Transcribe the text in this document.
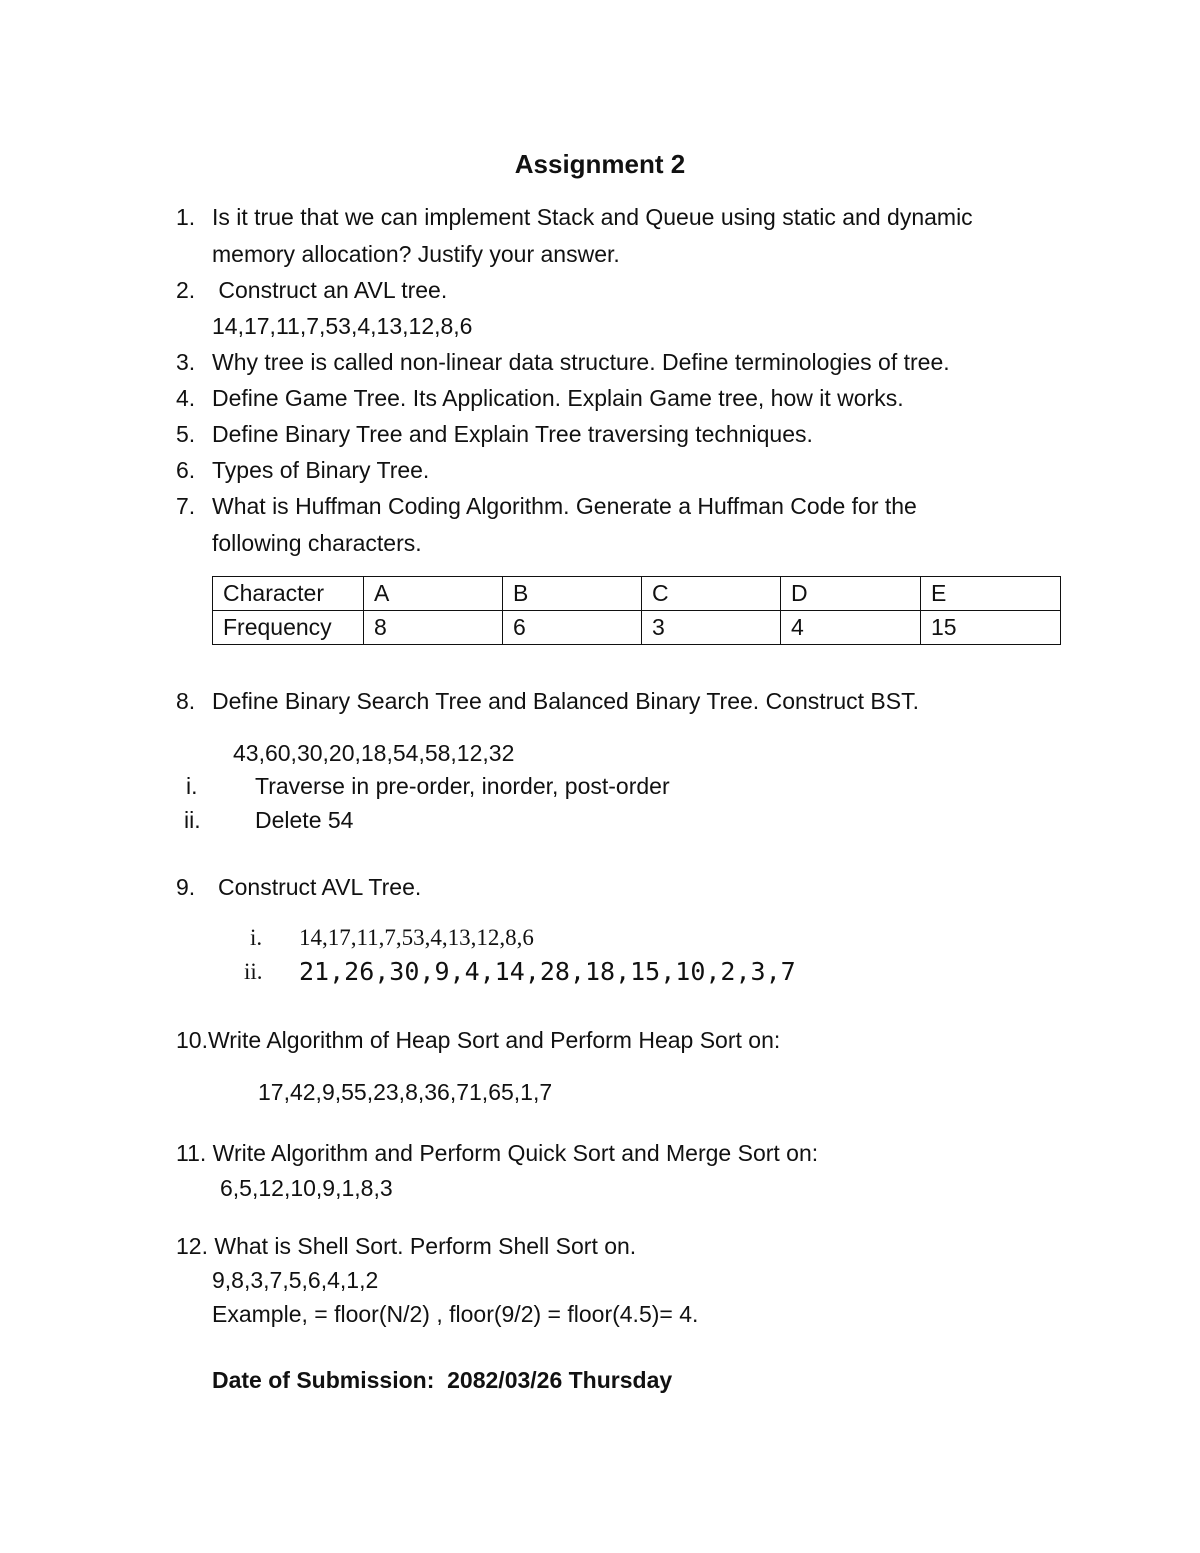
Assignment 2
1. Is it true that we can implement Stack and Queue using static and dynamic
memory allocation? Justify your answer.
2. Construct an AVL tree.
14,17,11,7,53,4,13,12,8,6
3. Why tree is called non-linear data structure. Define terminologies of tree.
4. Define Game Tree. Its Application. Explain Game tree, how it works.
5. Define Binary Tree and Explain Tree traversing techniques.
6. Types of Binary Tree.
7. What is Huffman Coding Algorithm. Generate a Huffman Code for the
following characters.
Character	A	B	C	D	E
Frequency	8	6	3	4	15
8. Define Binary Search Tree and Balanced Binary Tree. Construct BST.
43,60,30,20,18,54,58,12,32
i.	Traverse in pre-order, inorder, post-order
ii. Delete 54
9. Construct AVL Tree.
i. 14,17,11,7,53,4,13,12,8,6
ii. 21,26,30,9,4,14,28,18,15,10,2,3,7
10.Write Algorithm of Heap Sort and Perform Heap Sort on:
17,42,9,55,23,8,36,71,65,1,7
11. Write Algorithm and Perform Quick Sort and Merge Sort on:
6,5,12,10,9,1,8,3
12. What is Shell Sort. Perform Shell Sort on.
9,8,3,7,5,6,4,1,2
Example, = floor(N/2) , floor(9/2) = floor(4.5)= 4.
Date of Submission:  2082/03/26 Thursday
